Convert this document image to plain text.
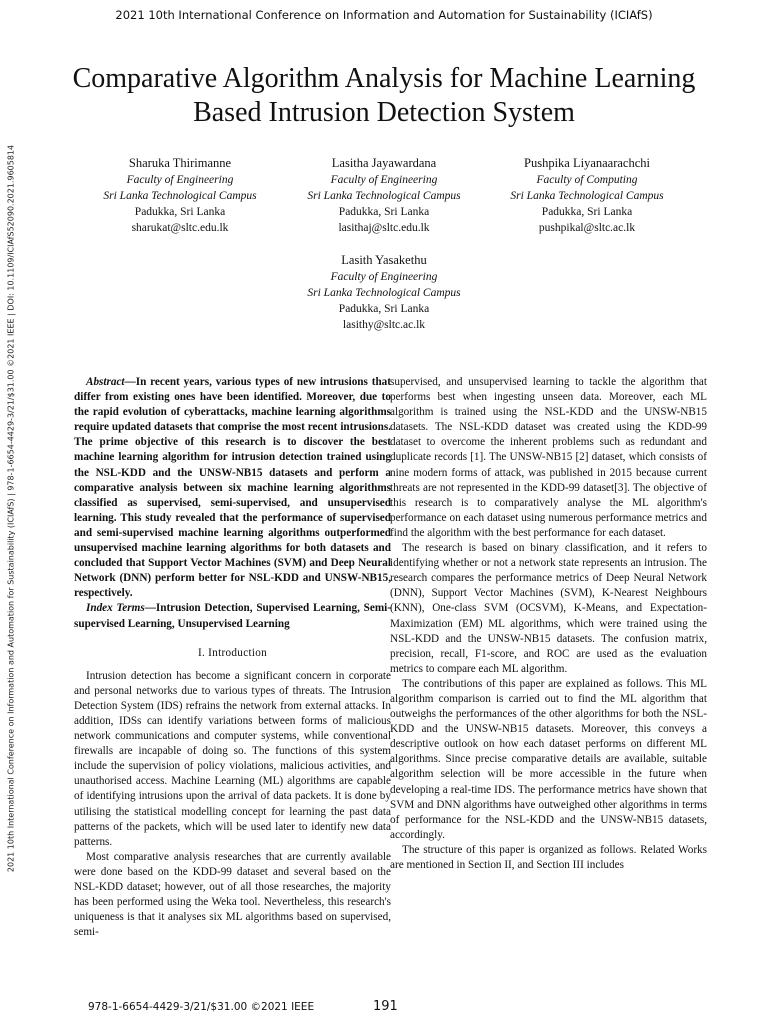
2021 10th International Conference on Information and Automation for Sustainability (ICIAfS)
2021 10th International Conference on Information and Automation for Sustainability (ICIAfS) | 978-1-6654-4429-3/21/$31.00 ©2021 IEEE | DOI: 10.1109/ICIAfS52090.2021.9605814
Comparative Algorithm Analysis for Machine Learning Based Intrusion Detection System
Sharuka Thirimanne
Faculty of Engineering
Sri Lanka Technological Campus
Padukka, Sri Lanka
sharukat@sltc.edu.lk
Lasitha Jayawardana
Faculty of Engineering
Sri Lanka Technological Campus
Padukka, Sri Lanka
lasithaj@sltc.edu.lk
Pushpika Liyanaarachchi
Faculty of Computing
Sri Lanka Technological Campus
Padukka, Sri Lanka
pushpikal@sltc.ac.lk
Lasith Yasakethu
Faculty of Engineering
Sri Lanka Technological Campus
Padukka, Sri Lanka
lasithy@sltc.ac.lk

Abstract—In recent years, various types of new intrusions that differ from existing ones have been identified. Moreover, due to the rapid evolution of cyberattacks, machine learning algorithms require updated datasets that comprise the most recent intrusions. The prime objective of this research is to discover the best machine learning algorithm for intrusion detection trained using the NSL-KDD and the UNSW-NB15 datasets and perform a comparative analysis between six machine learning algorithms classified as supervised, semi-supervised, and unsupervised learning. This study revealed that the performance of supervised and semi-supervised machine learning algorithms outperformed unsupervised machine learning algorithms for both datasets and concluded that Support Vector Machines (SVM) and Deep Neural Network (DNN) perform better for NSL-KDD and UNSW-NB15, respectively.

Index Terms—Intrusion Detection, Supervised Learning, Semi-supervised Learning, Unsupervised Learning

I. Introduction

Intrusion detection has become a significant concern in corporate and personal networks due to various types of threats. The Intrusion Detection System (IDS) refrains the network from external attacks. In addition, IDSs can identify variations between forms of malicious network communications and computer systems, while conventional firewalls are incapable of doing so. The functions of this system include the supervision of policy violations, malicious activities, and unauthorised access. Machine Learning (ML) algorithms are capable of identifying intrusions upon the arrival of data packets. It is done by utilising the statistical modelling concept for learning the past data patterns of the packets, which will be used later to identify new data patterns.

Most comparative analysis researches that are currently available were done based on the KDD-99 dataset and several based on the NSL-KDD dataset; however, out of all those researches, the majority has been performed using the Weka tool. Nevertheless, this research's uniqueness is that it analyses six ML algorithms based on supervised, semi-

supervised, and unsupervised learning to tackle the algorithm that performs best when ingesting unseen data. Moreover, each ML algorithm is trained using the NSL-KDD and the UNSW-NB15 datasets. The NSL-KDD dataset was created using the KDD-99 dataset to overcome the inherent problems such as redundant and duplicate records [1]. The UNSW-NB15 [2] dataset, which consists of nine modern forms of attack, was published in 2015 because current threats are not represented in the KDD-99 dataset[3]. The objective of this research is to comparatively analyse the ML algorithm's performance on each dataset using numerous performance metrics and find the algorithm with the best performance for each dataset.

The research is based on binary classification, and it refers to identifying whether or not a network state represents an intrusion. The research compares the performance metrics of Deep Neural Network (DNN), Support Vector Machines (SVM), K-Nearest Neighbours (KNN), One-class SVM (OCSVM), K-Means, and Expectation-Maximization (EM) ML algorithms, which were trained using the NSL-KDD and the UNSW-NB15 datasets. The confusion matrix, precision, recall, F1-score, and ROC are used as the evaluation metrics to compare each ML algorithm.

The contributions of this paper are explained as follows. This ML algorithm comparison is carried out to find the ML algorithm that outweighs the performances of the other algorithms for both the NSL-KDD and the UNSW-NB15 datasets. Moreover, this conveys a descriptive outlook on how each dataset performs on different ML algorithms. Since precise comparative details are available, suitable algorithm selection will be more accessible in the future when developing a real-time IDS. The performance metrics have shown that SVM and DNN algorithms have outweighed other algorithms in terms of performance for the NSL-KDD and the UNSW-NB15 datasets, accordingly.

The structure of this paper is organized as follows. Related Works are mentioned in Section II, and Section III includes

978-1-6654-4429-3/21/$31.00 ©2021 IEEE	191
